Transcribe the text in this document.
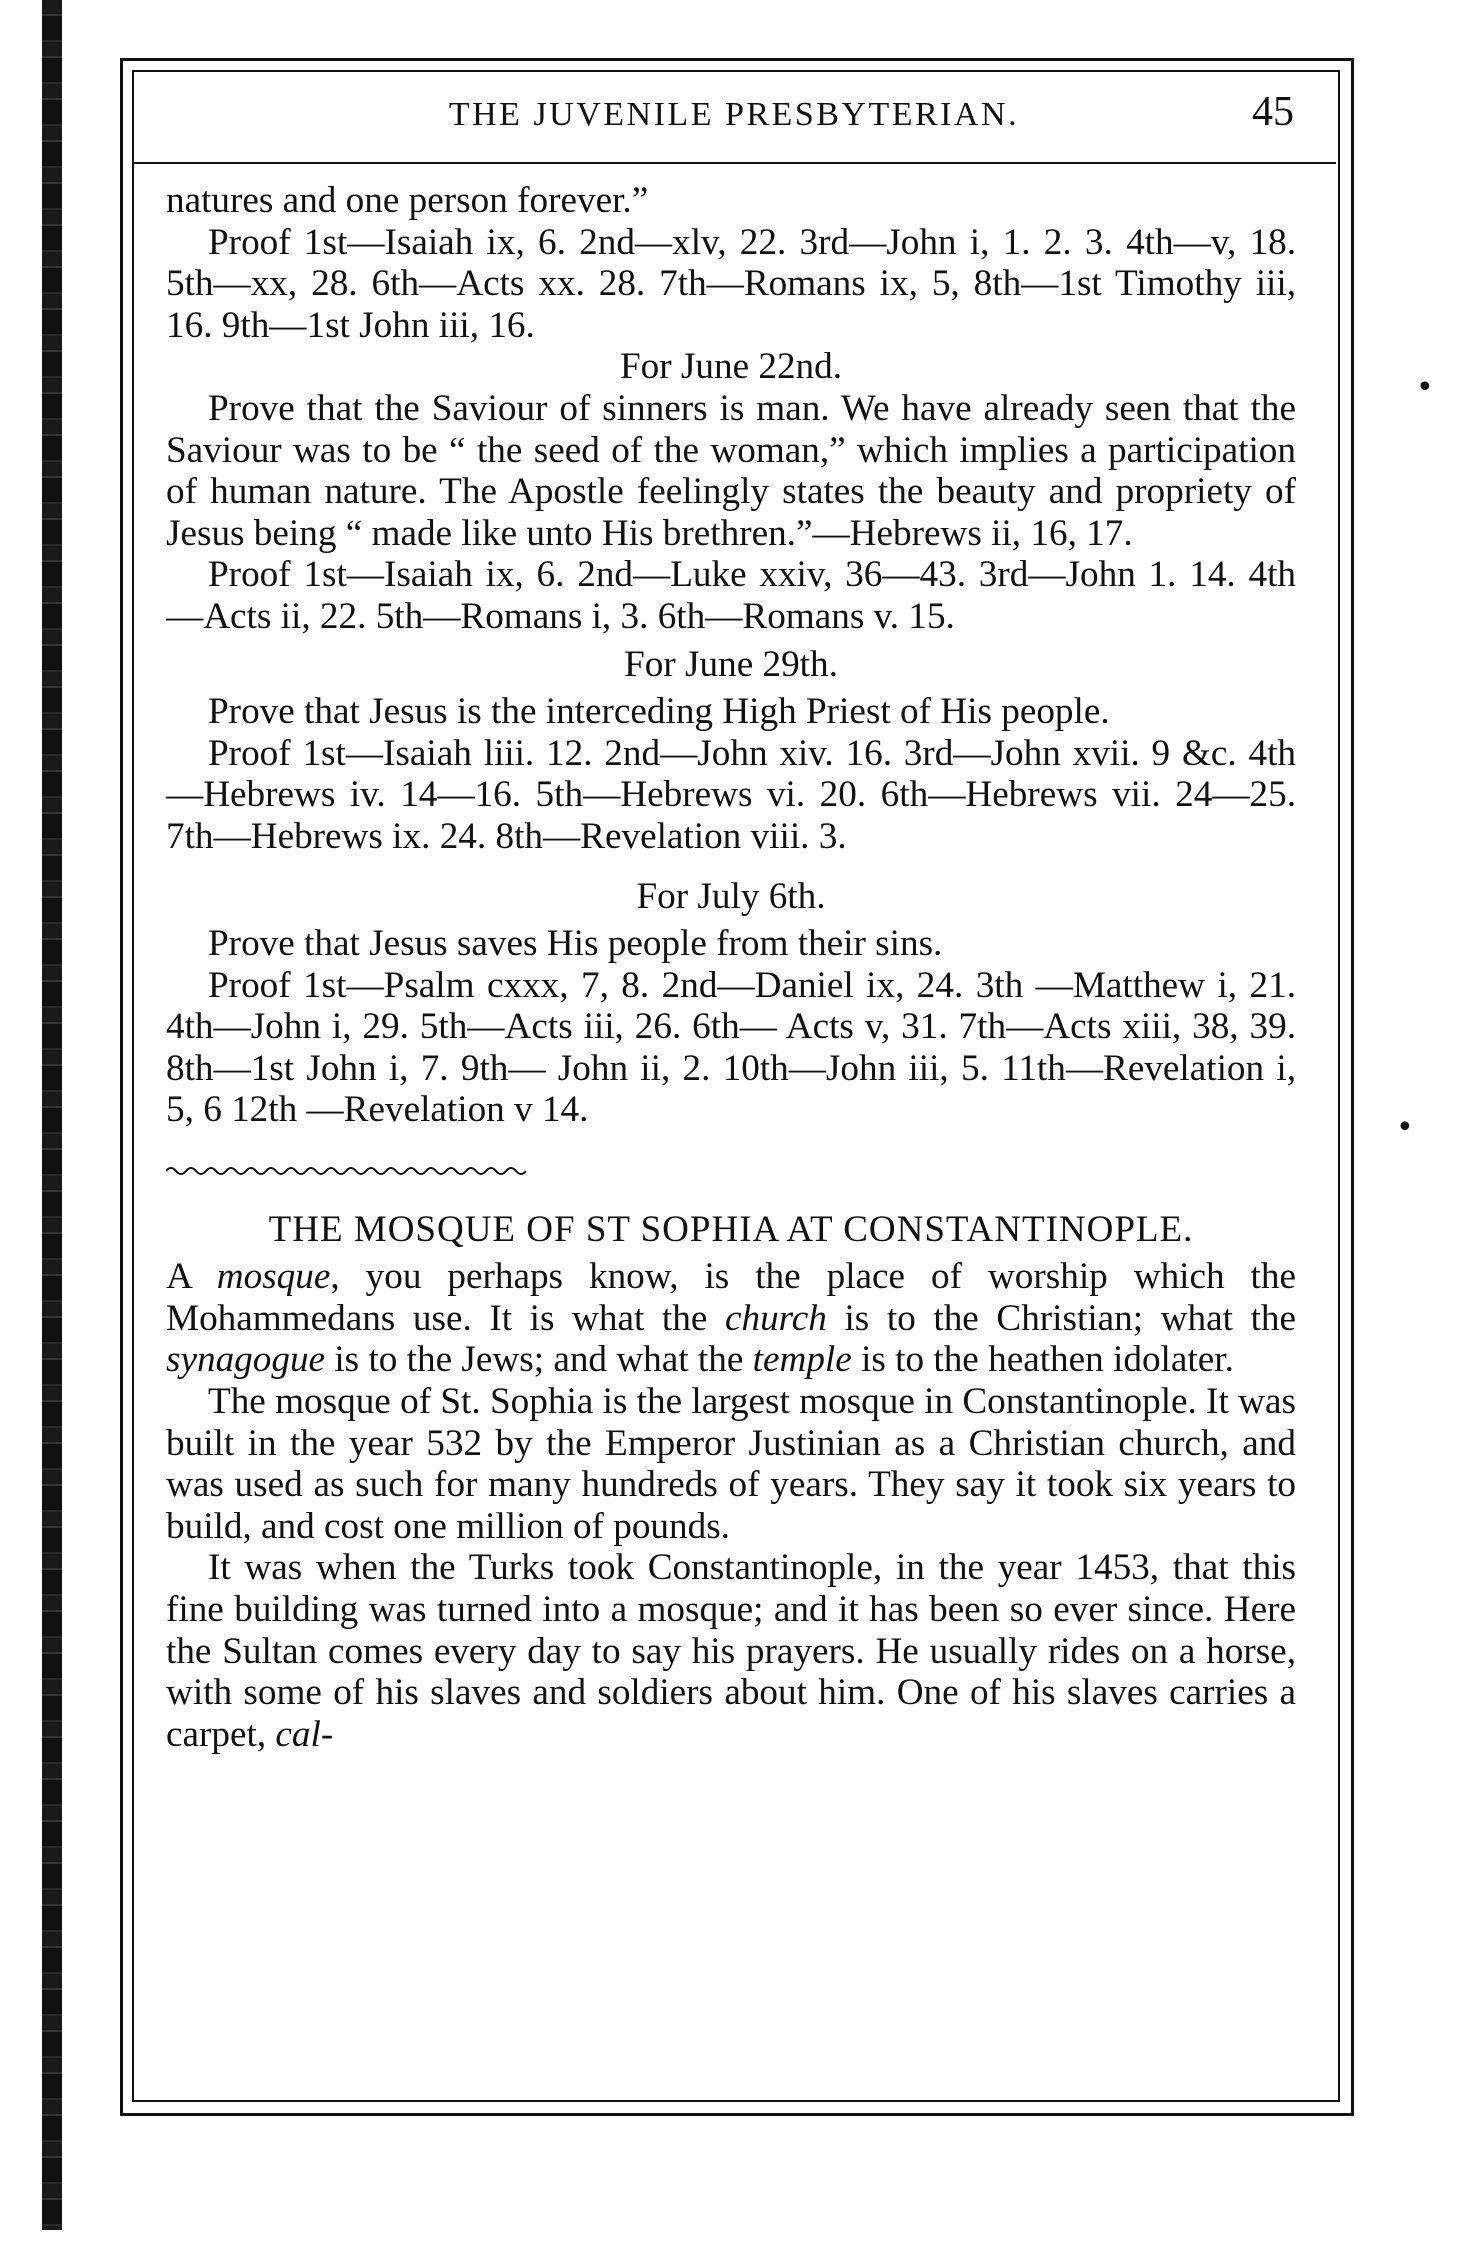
THE JUVENILE PRESBYTERIAN.	45
•
•

natures and one person forever.”

Proof 1st—Isaiah ix, 6. 2nd—xlv, 22. 3rd—John i, 1. 2. 3. 4th—v, 18. 5th—xx, 28. 6th—Acts xx. 28. 7th—Romans ix, 5, 8th—1st Timothy iii, 16. 9th—1st John iii, 16.

For June 22nd.

Prove that the Saviour of sinners is man. We have already seen that the Saviour was to be “ the seed of the woman,” which implies a participation of human nature. The Apostle feelingly states the beauty and propriety of Jesus being “ made like unto His brethren.”—Hebrews ii, 16, 17.

Proof 1st—Isaiah ix, 6. 2nd—Luke xxiv, 36—43. 3rd—John 1. 14. 4th—Acts ii, 22. 5th—Romans i, 3. 6th—Romans v. 15.

For June 29th.

Prove that Jesus is the interceding High Priest of His people.

Proof 1st—Isaiah liii. 12. 2nd—John xiv. 16. 3rd—John xvii. 9 &c. 4th—Hebrews iv. 14—16. 5th—Hebrews vi. 20. 6th—Hebrews vii. 24—25. 7th—Hebrews ix. 24. 8th—Revelation viii. 3.

For July 6th.

Prove that Jesus saves His people from their sins.

Proof 1st—Psalm cxxx, 7, 8. 2nd—Daniel ix, 24. 3th —Matthew i, 21. 4th—John i, 29. 5th—Acts iii, 26. 6th— Acts v, 31. 7th—Acts xiii, 38, 39. 8th—1st John i, 7. 9th— John ii, 2. 10th—John iii, 5. 11th—Revelation i, 5, 6 12th —Revelation v 14.

THE MOSQUE OF ST SOPHIA AT CONSTANTINOPLE.

A mosque, you perhaps know, is the place of worship which the Mohammedans use. It is what the church is to the Christian; what the synagogue is to the Jews; and what the temple is to the heathen idolater.

The mosque of St. Sophia is the largest mosque in Constantinople. It was built in the year 532 by the Emperor Justinian as a Christian church, and was used as such for many hundreds of years. They say it took six years to build, and cost one million of pounds.

It was when the Turks took Constantinople, in the year 1453, that this fine building was turned into a mosque; and it has been so ever since. Here the Sultan comes every day to say his prayers. He usually rides on a horse, with some of his slaves and soldiers about him. One of his slaves carries a carpet, cal-
